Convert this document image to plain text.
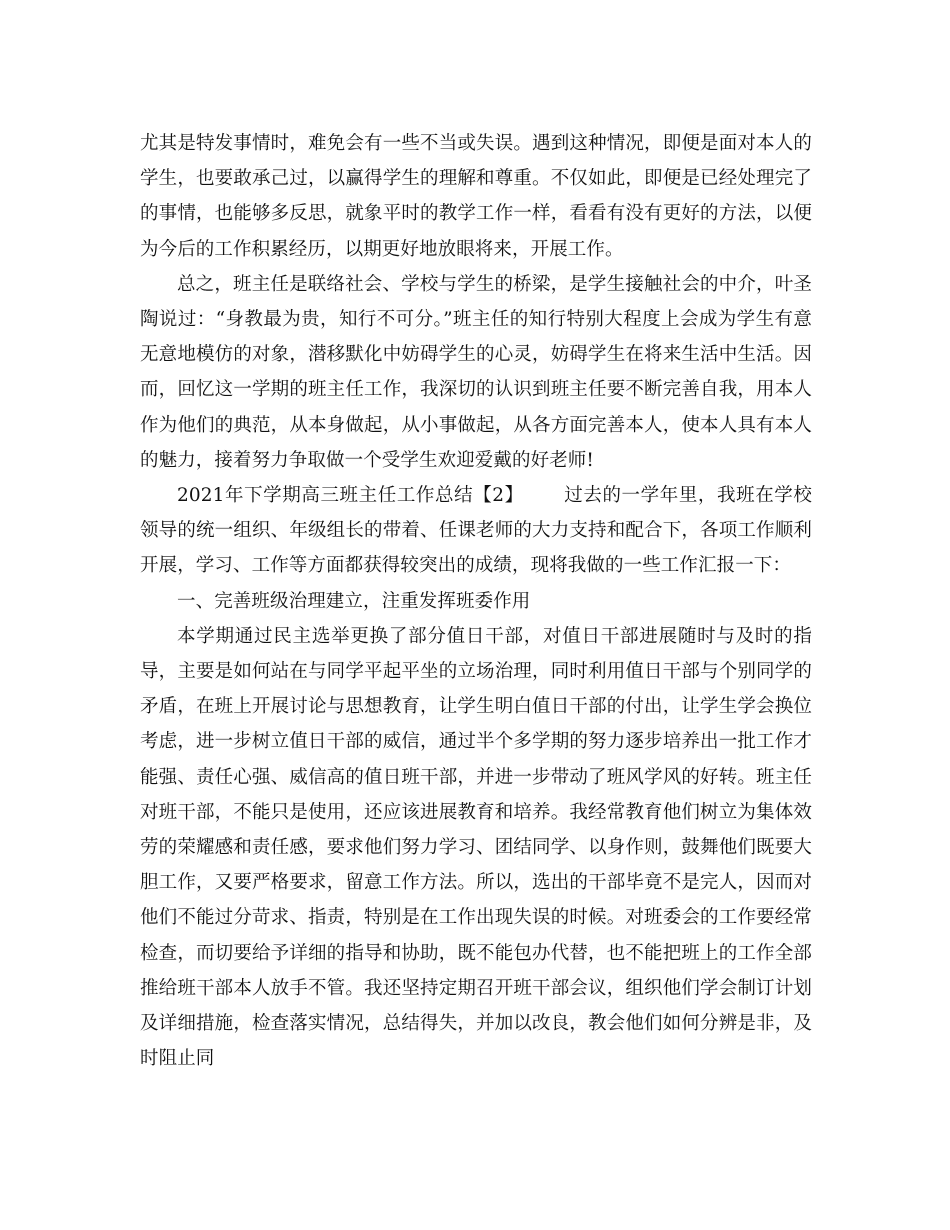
尤其是特发事情时，难免会有一些不当或失误。遇到这种情况，即便是面对本人的学生，也要敢承己过，以赢得学生的理解和尊重。不仅如此，即便是已经处理完了的事情，也能够多反思，就象平时的教学工作一样，看看有没有更好的方法，以便为今后的工作积累经历，以期更好地放眼将来，开展工作。

总之，班主任是联络社会、学校与学生的桥梁，是学生接触社会的中介，叶圣陶说过：“身教最为贵，知行不可分。”班主任的知行特别大程度上会成为学生有意无意地模仿的对象，潜移默化中妨碍学生的心灵，妨碍学生在将来生活中生活。因而，回忆这一学期的班主任工作，我深切的认识到班主任要不断完善自我，用本人作为他们的典范，从本身做起，从小事做起，从各方面完善本人，使本人具有本人的魅力，接着努力争取做一个受学生欢迎爱戴的好老师!

2021年下学期高三班主任工作总结【2】 过去的一学年里，我班在学校领导的统一组织、年级组长的带着、任课老师的大力支持和配合下，各项工作顺利开展，学习、工作等方面都获得较突出的成绩，现将我做的一些工作汇报一下：

一、完善班级治理建立，注重发挥班委作用

本学期通过民主选举更换了部分值日干部，对值日干部进展随时与及时的指导，主要是如何站在与同学平起平坐的立场治理，同时利用值日干部与个别同学的矛盾，在班上开展讨论与思想教育，让学生明白值日干部的付出，让学生学会换位考虑，进一步树立值日干部的威信，通过半个多学期的努力逐步培养出一批工作才能强、责任心强、威信高的值日班干部，并进一步带动了班风学风的好转。班主任对班干部，不能只是使用，还应该进展教育和培养。我经常教育他们树立为集体效劳的荣耀感和责任感，要求他们努力学习、团结同学、以身作则，鼓舞他们既要大胆工作，又要严格要求，留意工作方法。所以，选出的干部毕竟不是完人，因而对他们不能过分苛求、指责，特别是在工作出现失误的时候。对班委会的工作要经常检查，而切要给予详细的指导和协助，既不能包办代替，也不能把班上的工作全部推给班干部本人放手不管。我还坚持定期召开班干部会议，组织他们学会制订计划及详细措施，检查落实情况，总结得失，并加以改良，教会他们如何分辨是非，及时阻止同
